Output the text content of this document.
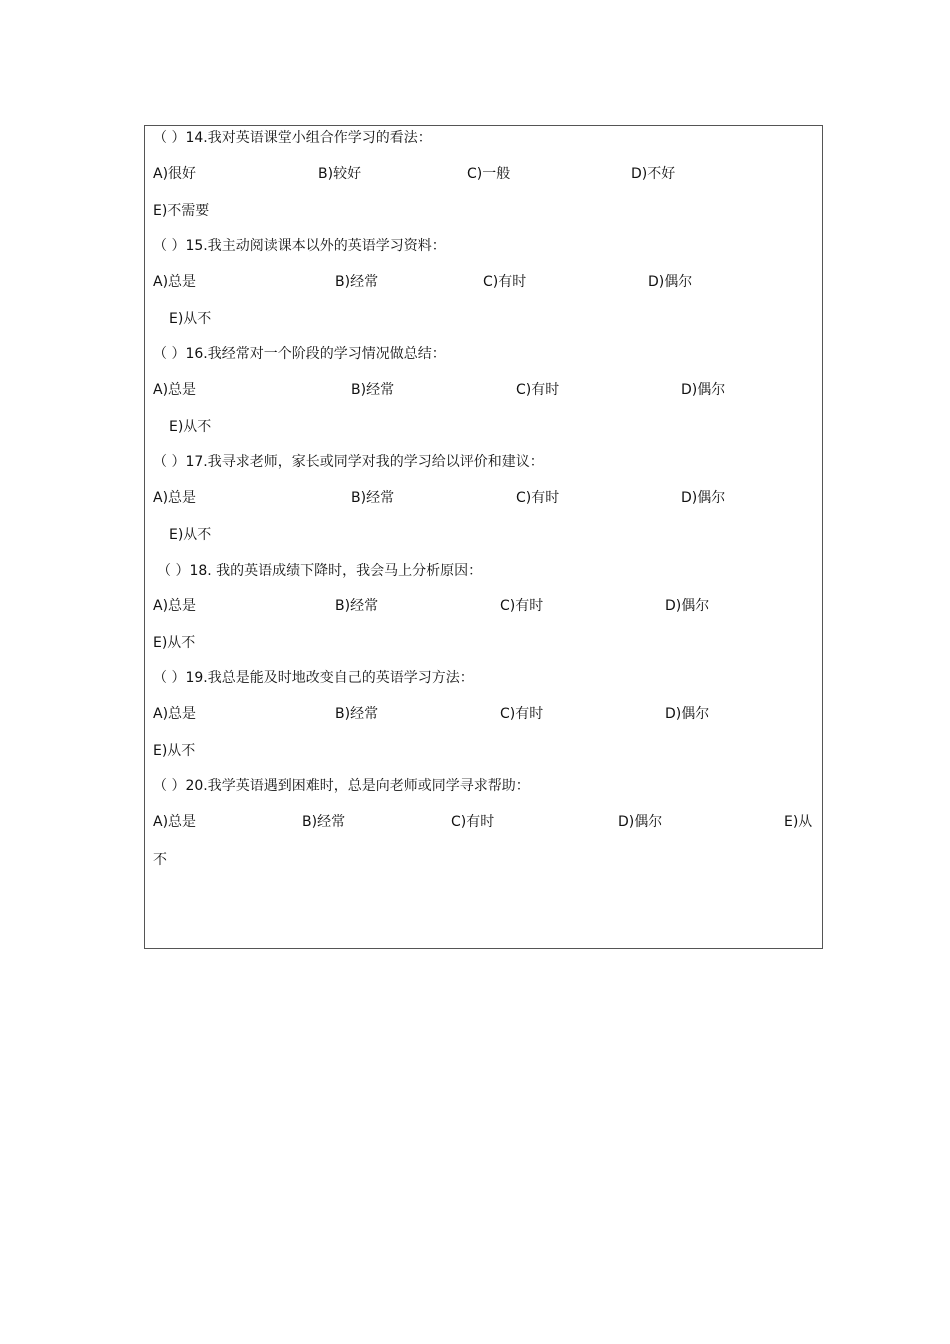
（ ）14.我对英语课堂小组合作学习的看法：
A)很好	B)较好	C)一般	D)不好
E)不需要
（ ）15.我主动阅读课本以外的英语学习资料：
A)总是	B)经常	C)有时	D)偶尔
E)从不
（ ）16.我经常对一个阶段的学习情况做总结：
A)总是	B)经常	C)有时	D)偶尔
E)从不
（ ）17.我寻求老师，家长或同学对我的学习给以评价和建议：
A)总是	B)经常	C)有时	D)偶尔
E)从不
（ ）18. 我的英语成绩下降时，我会马上分析原因：
A)总是	B)经常	C)有时	D)偶尔
E)从不
（ ）19.我总是能及时地改变自己的英语学习方法：
A)总是	B)经常	C)有时	D)偶尔
E)从不
（ ）20.我学英语遇到困难时，总是向老师或同学寻求帮助：
A)总是	B)经常	C)有时	D)偶尔	E)从
不
